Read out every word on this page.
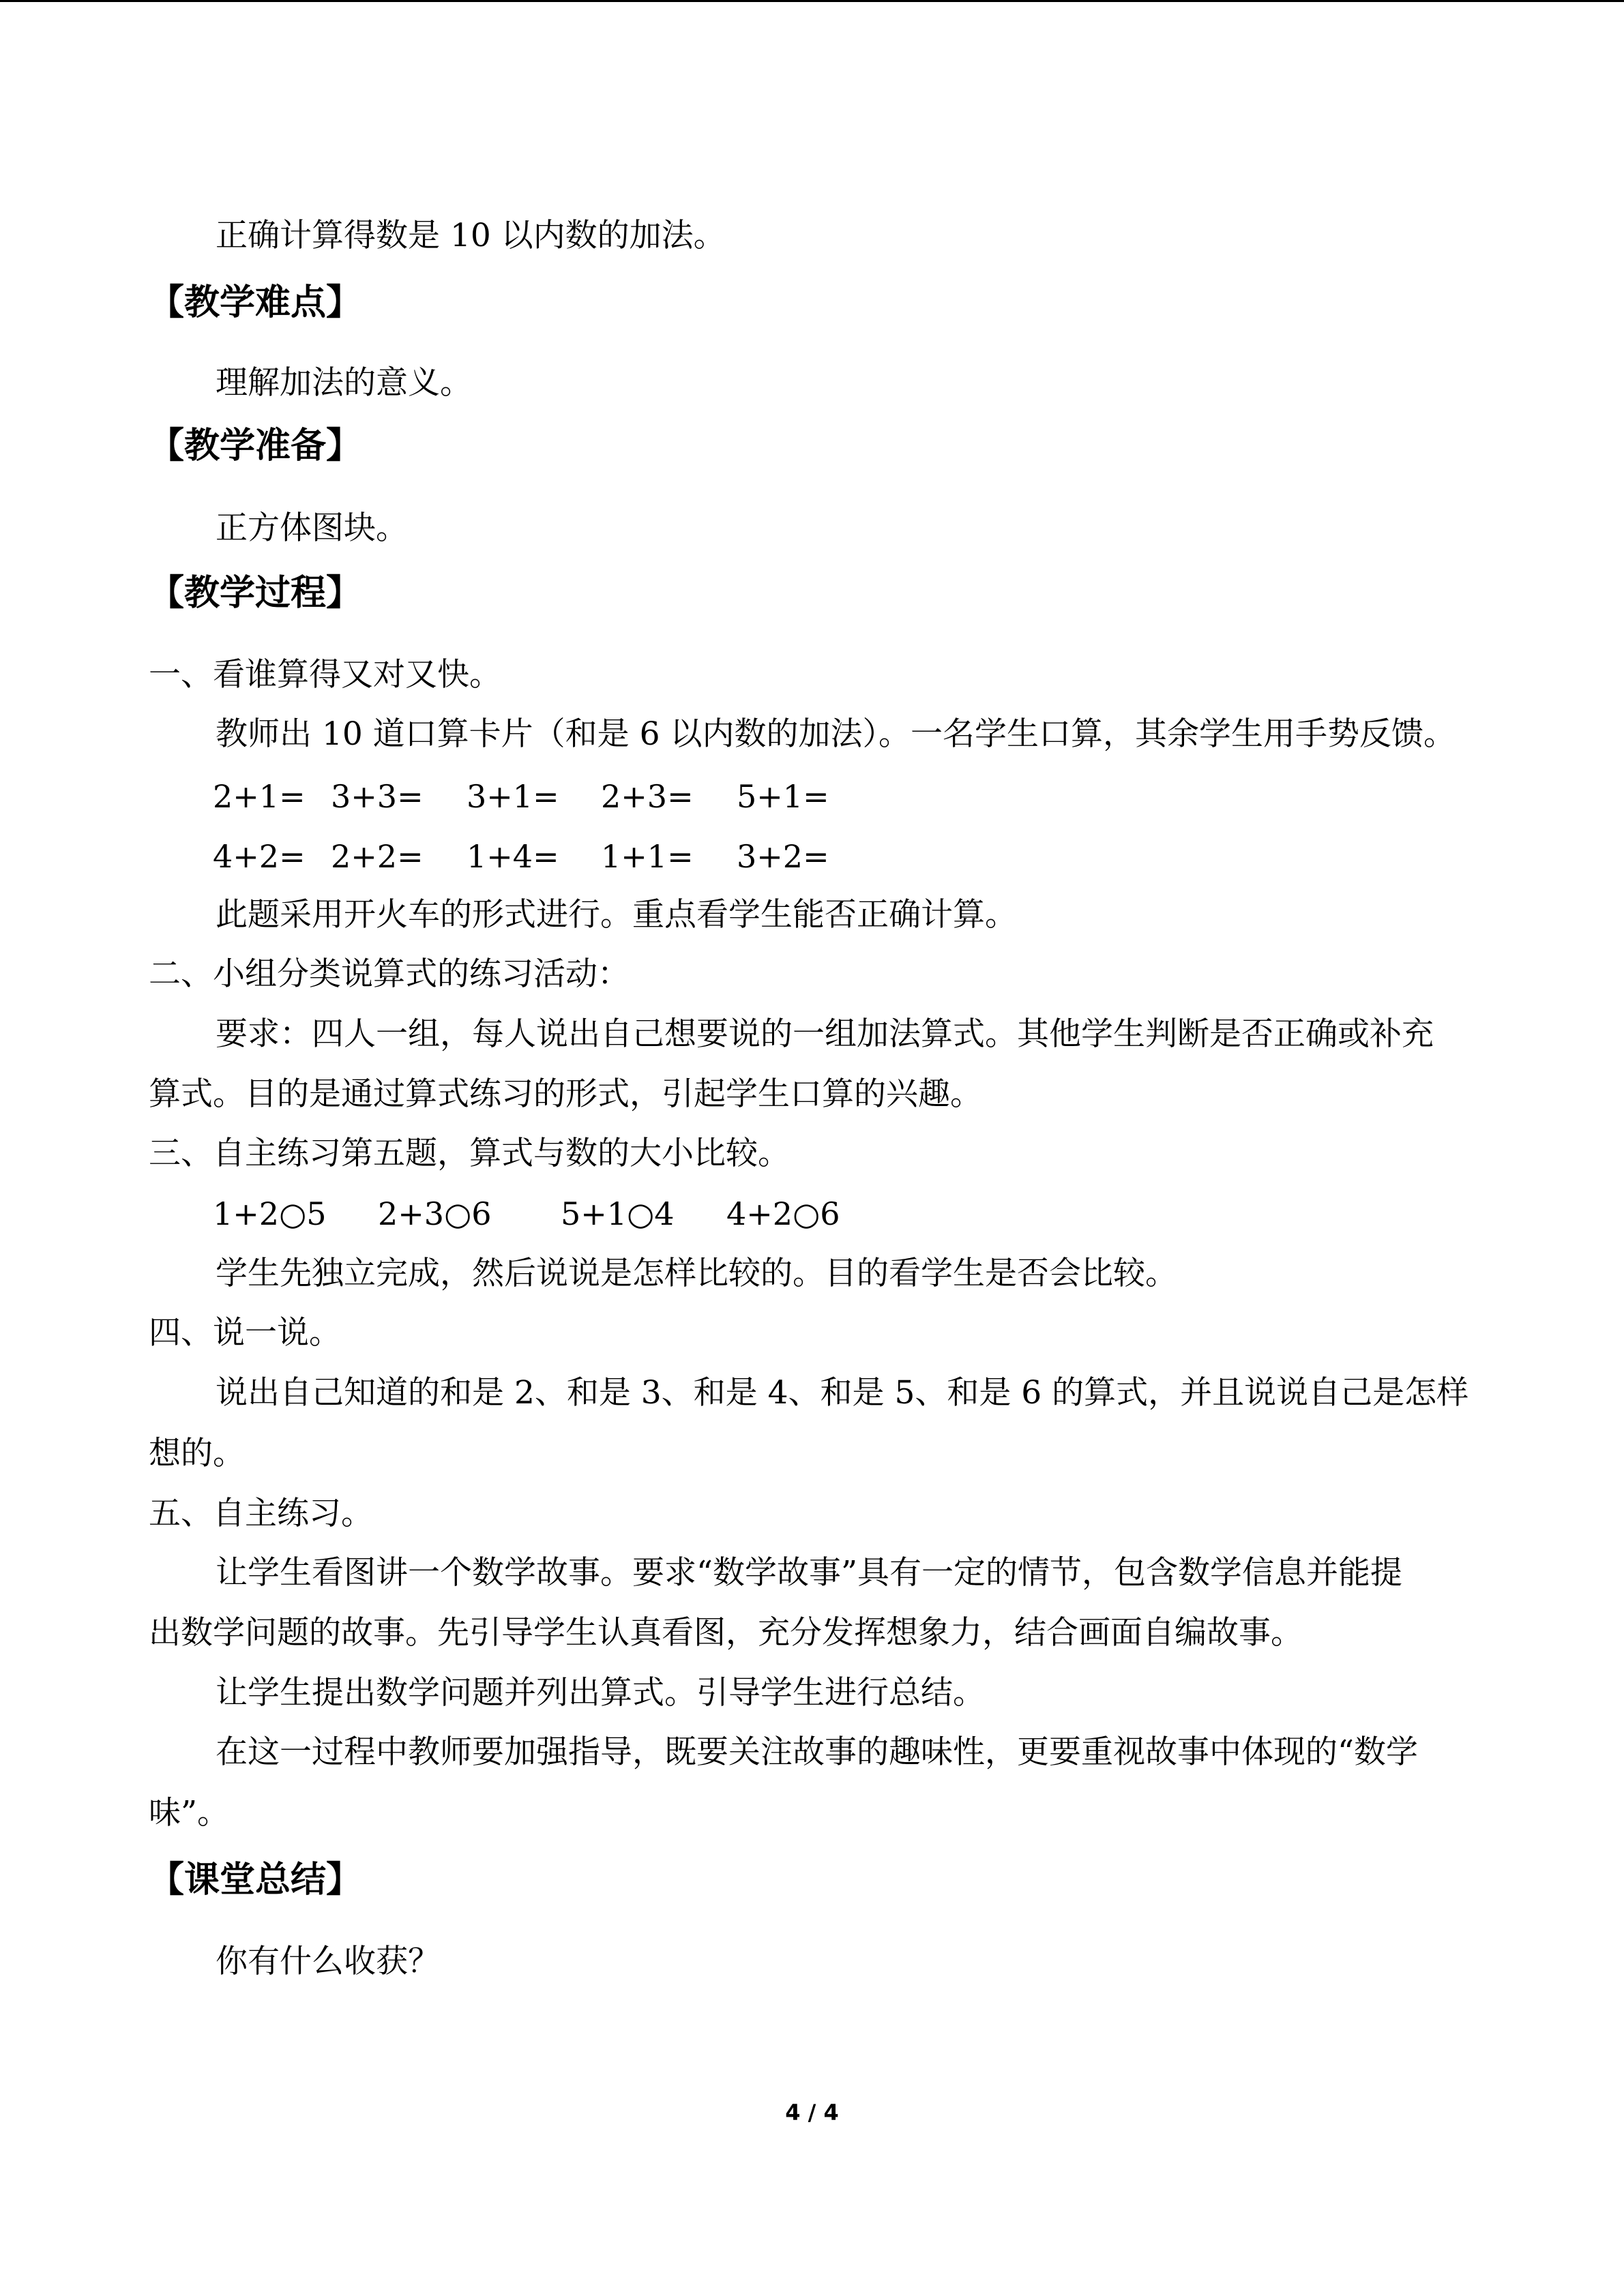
正确计算得数是 10 以内数的加法。
【教学难点】
理解加法的意义。
【教学准备】
正方体图块。
【教学过程】
一、看谁算得又对又快。
教师出 10 道口算卡片（和是 6 以内数的加法）。一名学生口算，其余学生用手势反馈。
2+1= 3+3= 3+1= 2+3= 5+1=
4+2= 2+2= 1+4= 1+1= 3+2=
此题采用开火车的形式进行。重点看学生能否正确计算。
二、小组分类说算式的练习活动：
要求：四人一组，每人说出自己想要说的一组加法算式。其他学生判断是否正确或补充
算式。目的是通过算式练习的形式，引起学生口算的兴趣。
三、自主练习第五题，算式与数的大小比较。
1+2○5 2+3○6 5+1○4 4+2○6
学生先独立完成，然后说说是怎样比较的。目的看学生是否会比较。
四、说一说。
说出自己知道的和是 2、和是 3、和是 4、和是 5、和是 6 的算式，并且说说自己是怎样
想的。
五、自主练习。
让学生看图讲一个数学故事。要求“数学故事”具有一定的情节，包含数学信息并能提
出数学问题的故事。先引导学生认真看图，充分发挥想象力，结合画面自编故事。
让学生提出数学问题并列出算式。引导学生进行总结。
在这一过程中教师要加强指导，既要关注故事的趣味性，更要重视故事中体现的“数学
味”。
【课堂总结】
你有什么收获？
4 / 4
